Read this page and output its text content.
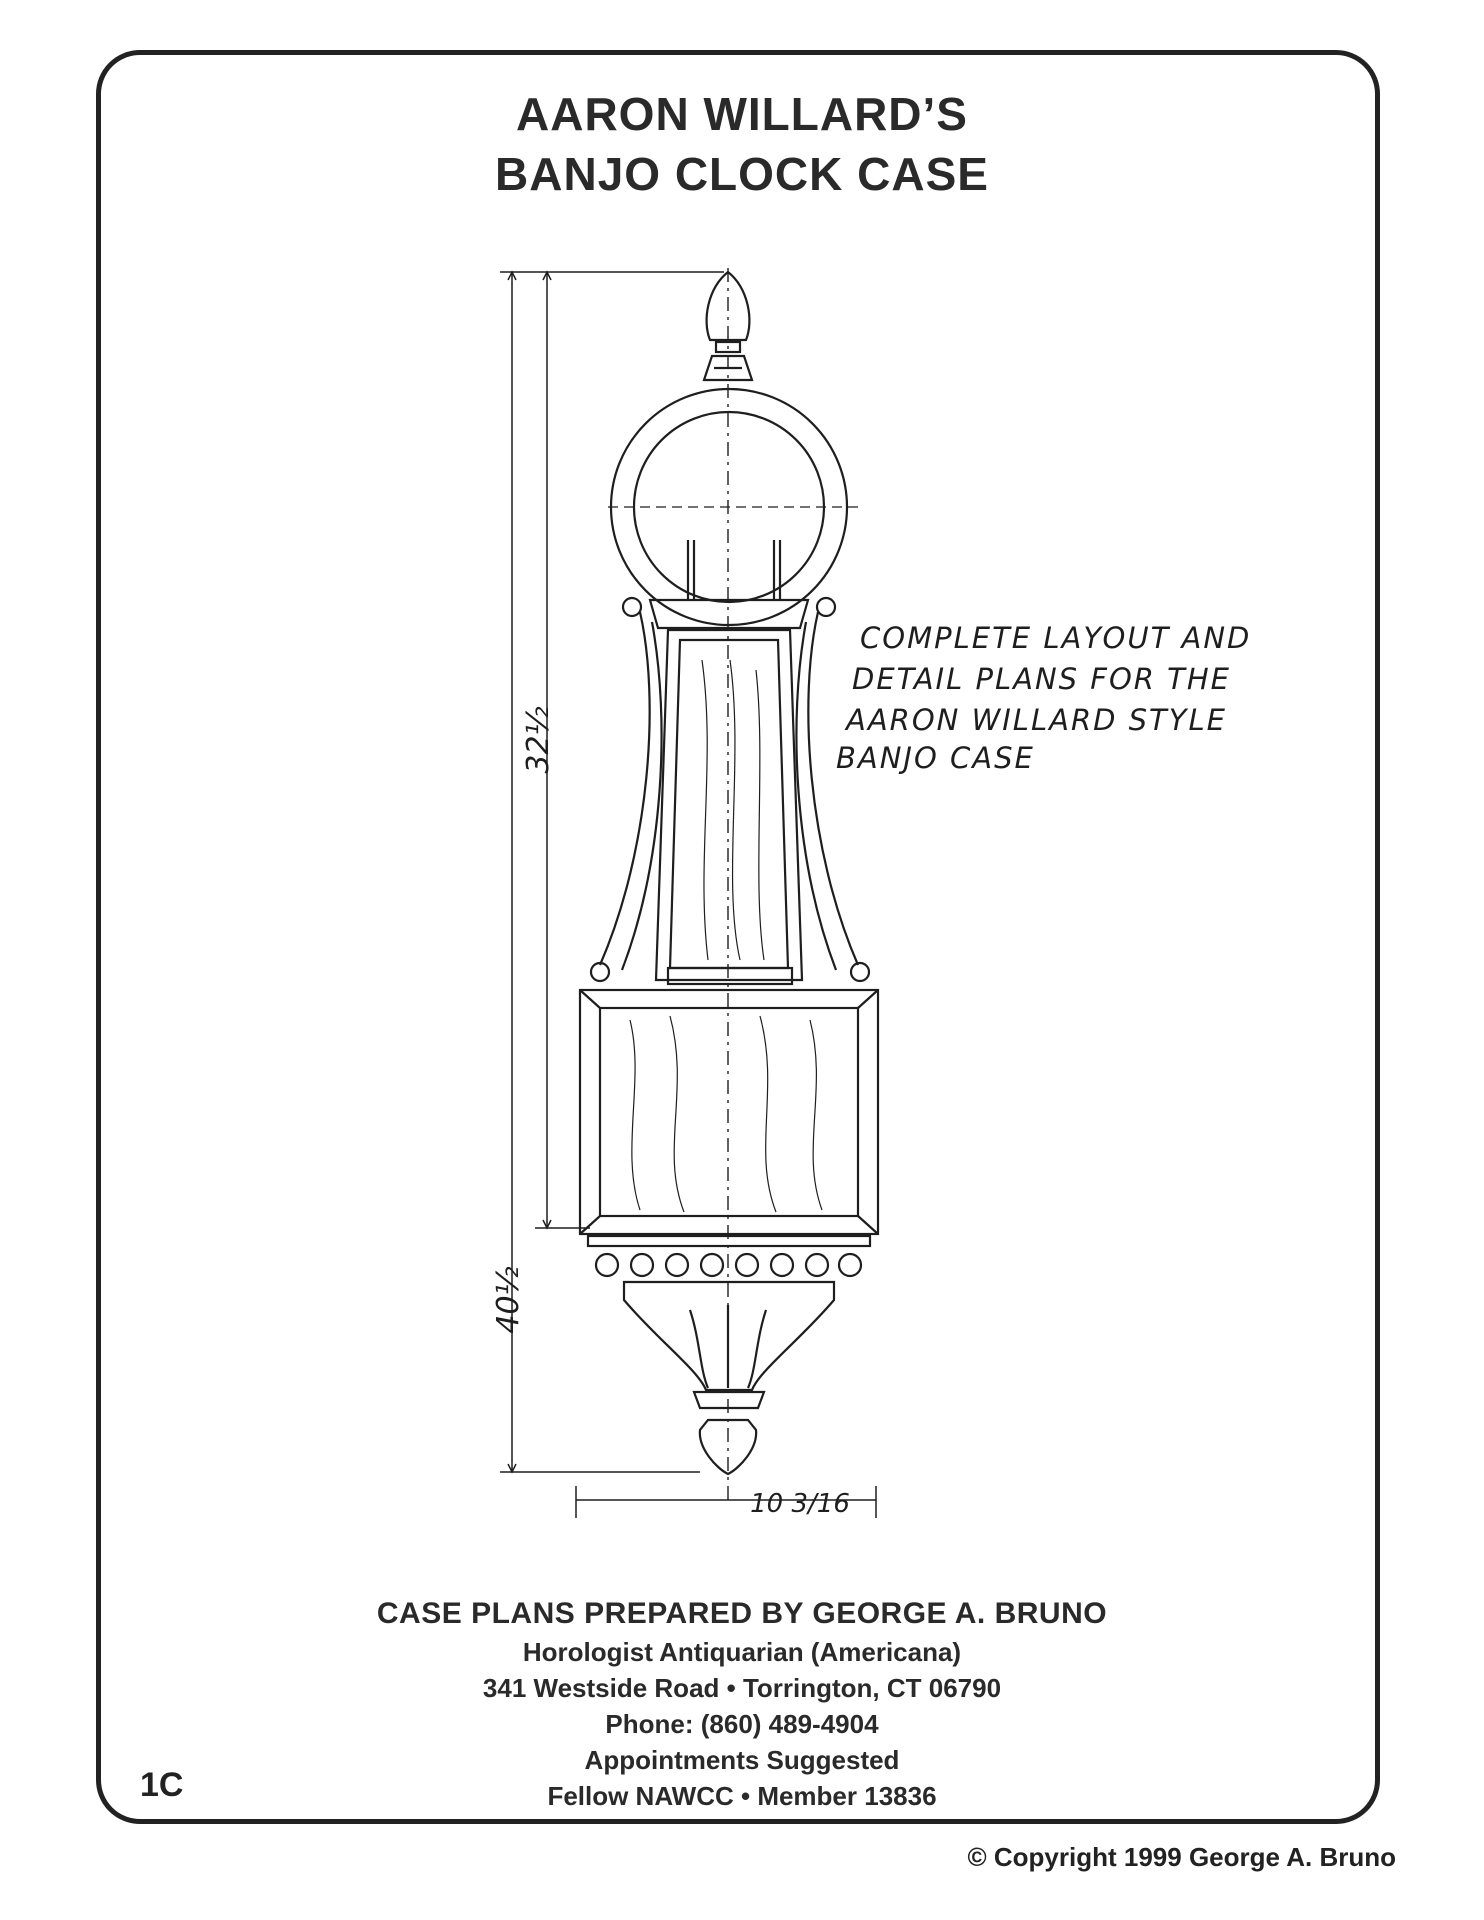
AARON WILLARD’S
BANJO CLOCK CASE
32½
40½
10 3/16
COMPLETE LAYOUT AND
DETAIL PLANS FOR THE
AARON WILLARD STYLE
BANJO CASE
CASE PLANS PREPARED BY GEORGE A. BRUNO
Horologist Antiquarian (Americana)
341 Westside Road • Torrington, CT 06790
Phone: (860) 489-4904
Appointments Suggested
Fellow NAWCC • Member 13836
1C
© Copyright 1999 George A. Bruno
